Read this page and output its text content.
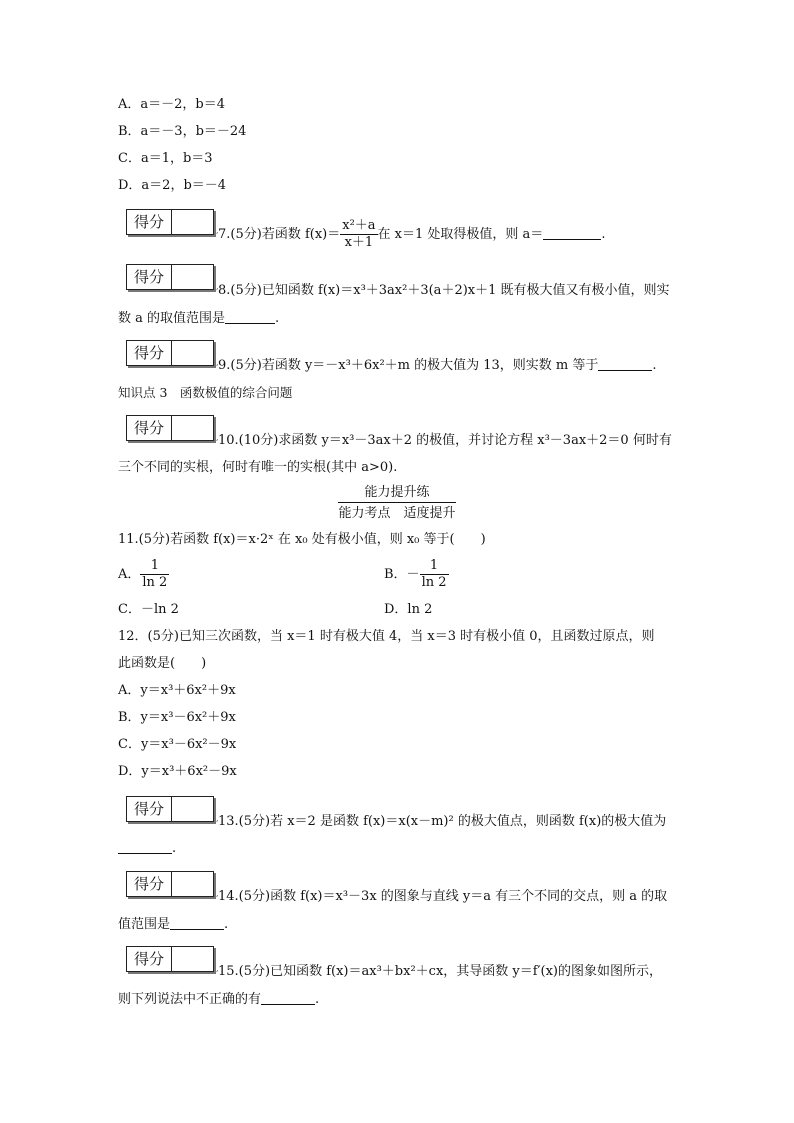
A．a＝－2，b＝4
B．a＝－3，b＝－24
C．a＝1，b＝3
D．a＝2，b＝－4
得分	, 7.(5分)若函数 $f(x)= \frac{\text{x²＋a}}{x+1}$ 在 x＝1 处取得极值，则 a＝	.
得分
, 8.(5分)已知函数 f(x)＝x³＋3ax²＋3(a＋2)x＋1 既有极大值又有极小值，则实
数 a 的取值范围是	.
得分
, 9.(5分)若函数 y＝－x³＋6x²＋m 的极大值为 13，则实数 m 等于	.
知识点 3　函数极值的综合问题
得分
, 10.(10分)求函数 y＝x³－3ax＋2 的极值，并讨论方程 x³－3ax＋2＝0 何时有
三个不同的实根，何时有唯一的实根(其中 a>0).
能力提升练
能力考点　适度提升
11.(5分)若函数 f(x)＝x·2ˣ 在 x₀ 处有极小值，则 x₀ 等于(　　)
A． $\frac{1}{\ln 2}$	B．－ $\frac{1}{\ln 2}$
C．－ln 2	D．ln 2
12．(5分)已知三次函数，当 x＝1 时有极大值 4，当 x＝3 时有极小值 0，且函数过原点，则
此函数是(　　)
A．y＝x³＋6x²＋9x
B．y＝x³－6x²＋9x
C．y＝x³－6x²－9x
D．y＝x³＋6x²－9x
得分
, 13.(5分)若 x＝2 是函数 f(x)＝x(x－m)² 的极大值点，则函数 f(x)的极大值为
.
得分
, 14.(5分)函数 f(x)＝x³－3x 的图象与直线 y＝a 有三个不同的交点，则 a 的取
值范围是	.
得分
, 15.(5分)已知函数 f(x)＝ax³＋bx²＋cx，其导函数 y＝f′(x)的图象如图所示，
则下列说法中不正确的有	.
